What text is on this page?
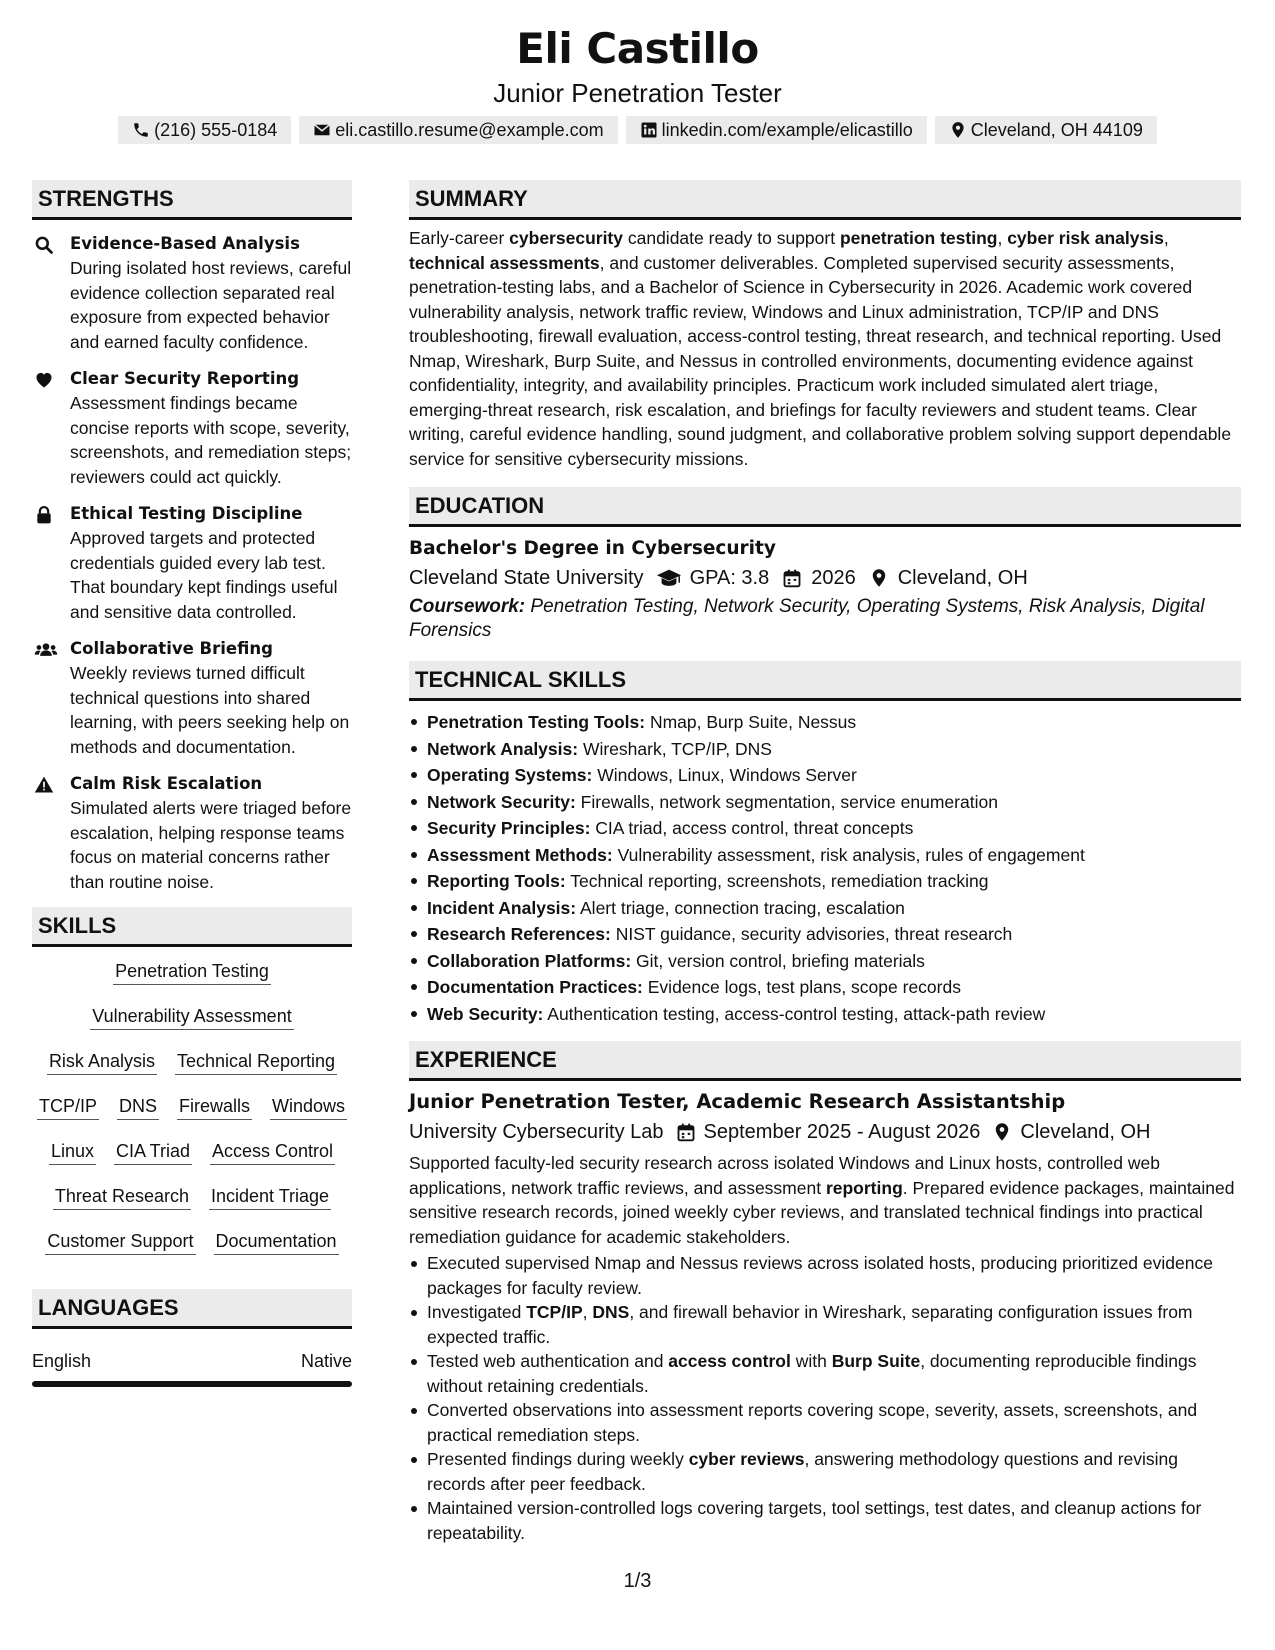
Eli Castillo
Junior Penetration Tester
(216) 555-0184	eli.castillo.resume@example.com	linkedin.com/example/elicastillo	Cleveland, OH 44109
STRENGTHS
Evidence-Based Analysis
During isolated host reviews, careful evidence collection separated real exposure from expected behavior and earned faculty confidence.
Clear Security Reporting
Assessment findings became concise reports with scope, severity, screenshots, and remediation steps; reviewers could act quickly.
Ethical Testing Discipline
Approved targets and protected credentials guided every lab test. That boundary kept findings useful and sensitive data controlled.
Collaborative Briefing
Weekly reviews turned difficult technical questions into shared learning, with peers seeking help on methods and documentation.
Calm Risk Escalation
Simulated alerts were triaged before escalation, helping response teams focus on material concerns rather than routine noise.
SKILLS
Penetration Testing
Vulnerability Assessment
Risk Analysis Technical Reporting
TCP/IP DNS Firewalls Windows
Linux CIA Triad Access Control
Threat Research Incident Triage
Customer Support Documentation
LANGUAGES
English	Native
SUMMARY
Early-career cybersecurity candidate ready to support penetration testing, cyber risk analysis, technical assessments, and customer deliverables. Completed supervised security assessments, penetration-testing labs, and a Bachelor of Science in Cybersecurity in 2026. Academic work covered vulnerability analysis, network traffic review, Windows and Linux administration, TCP/IP and DNS troubleshooting, firewall evaluation, access-control testing, threat research, and technical reporting. Used Nmap, Wireshark, Burp Suite, and Nessus in controlled environments, documenting evidence against confidentiality, integrity, and availability principles. Practicum work included simulated alert triage, emerging-threat research, risk escalation, and briefings for faculty reviewers and student teams. Clear writing, careful evidence handling, sound judgment, and collaborative problem solving support dependable service for sensitive cybersecurity missions.
EDUCATION
Bachelor's Degree in Cybersecurity
Cleveland State University GPA: 3.8 2026 Cleveland, OH
Coursework: Penetration Testing, Network Security, Operating Systems, Risk Analysis, Digital Forensics
TECHNICAL SKILLS
Penetration Testing Tools: Nmap, Burp Suite, Nessus
Network Analysis: Wireshark, TCP/IP, DNS
Operating Systems: Windows, Linux, Windows Server
Network Security: Firewalls, network segmentation, service enumeration
Security Principles: CIA triad, access control, threat concepts
Assessment Methods: Vulnerability assessment, risk analysis, rules of engagement
Reporting Tools: Technical reporting, screenshots, remediation tracking
Incident Analysis: Alert triage, connection tracing, escalation
Research References: NIST guidance, security advisories, threat research
Collaboration Platforms: Git, version control, briefing materials
Documentation Practices: Evidence logs, test plans, scope records
Web Security: Authentication testing, access-control testing, attack-path review
EXPERIENCE
Junior Penetration Tester, Academic Research Assistantship
University Cybersecurity Lab September 2025 - August 2026 Cleveland, OH
Supported faculty-led security research across isolated Windows and Linux hosts, controlled web applications, network traffic reviews, and assessment reporting. Prepared evidence packages, maintained sensitive research records, joined weekly cyber reviews, and translated technical findings into practical remediation guidance for academic stakeholders.
Executed supervised Nmap and Nessus reviews across isolated hosts, producing prioritized evidence packages for faculty review.
Investigated TCP/IP, DNS, and firewall behavior in Wireshark, separating configuration issues from expected traffic.
Tested web authentication and access control with Burp Suite, documenting reproducible findings without retaining credentials.
Converted observations into assessment reports covering scope, severity, assets, screenshots, and practical remediation steps.
Presented findings during weekly cyber reviews, answering methodology questions and revising records after peer feedback.
Maintained version-controlled logs covering targets, tool settings, test dates, and cleanup actions for repeatability.
1/3
